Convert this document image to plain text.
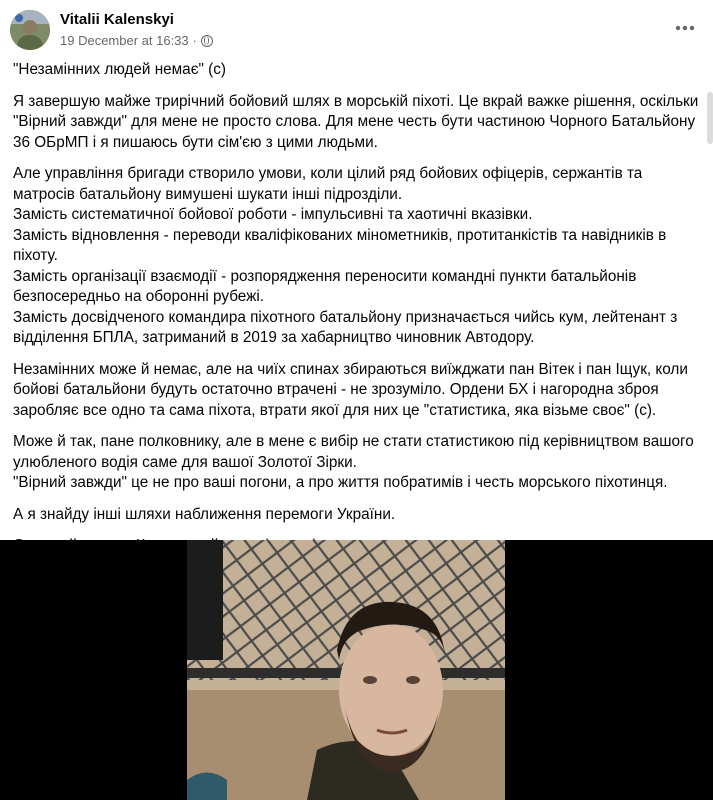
Vitalii Kalenskyi
19 December at 16:33 ·

"Незамінних людей немає" (с)

Я завершую майже трирічний бойовий шлях в морській піхоті. Це вкрай важке рішення, оскільки
"Вірний завжди" для мене не просто слова. Для мене честь бути частиною Чорного Батальйону
36 ОБрМП і я пишаюсь бути сім'єю з цими людьми.

Але управління бригади створило умови, коли цілий ряд бойових офіцерів, сержантів та
матросів батальйону вимушені шукати інші підрозділи.
Замість систематичної бойової роботи - імпульсивні та хаотичні вказівки.
Замість відновлення - переводи кваліфікованих мінометників, протитанкістів та навідників в
піхоту.
Замість організації взаємодії - розпорядження переносити командні пункти батальйонів
безпосередньо на оборонні рубежі.
Замість досвідченого командира піхотного батальйону призначається чийсь кум, лейтенант з
відділення БПЛА, затриманий в 2019 за хабарництво чиновник Автодору.

Незамінних може й немає, але на чиїх спинах збираються виїжджати пан Вітек і пан Іщук, коли
бойові батальйони будуть остаточно втрачені - не зрозуміло. Ордени БХ і нагородна зброя
заробляє все одно та сама піхота, втрати якої для них це "статистика, яка візьме своє" (с).

Може й так, пане полковнику, але в мене є вибір не стати статистикою під керівництвом вашого
улюбленого водія саме для вашої Золотої Зірки.
"Вірний завжди" це не про ваші погони, а про життя побратимів і честь морського піхотинця.

А я знайду інші шляхи наближення перемоги України.
